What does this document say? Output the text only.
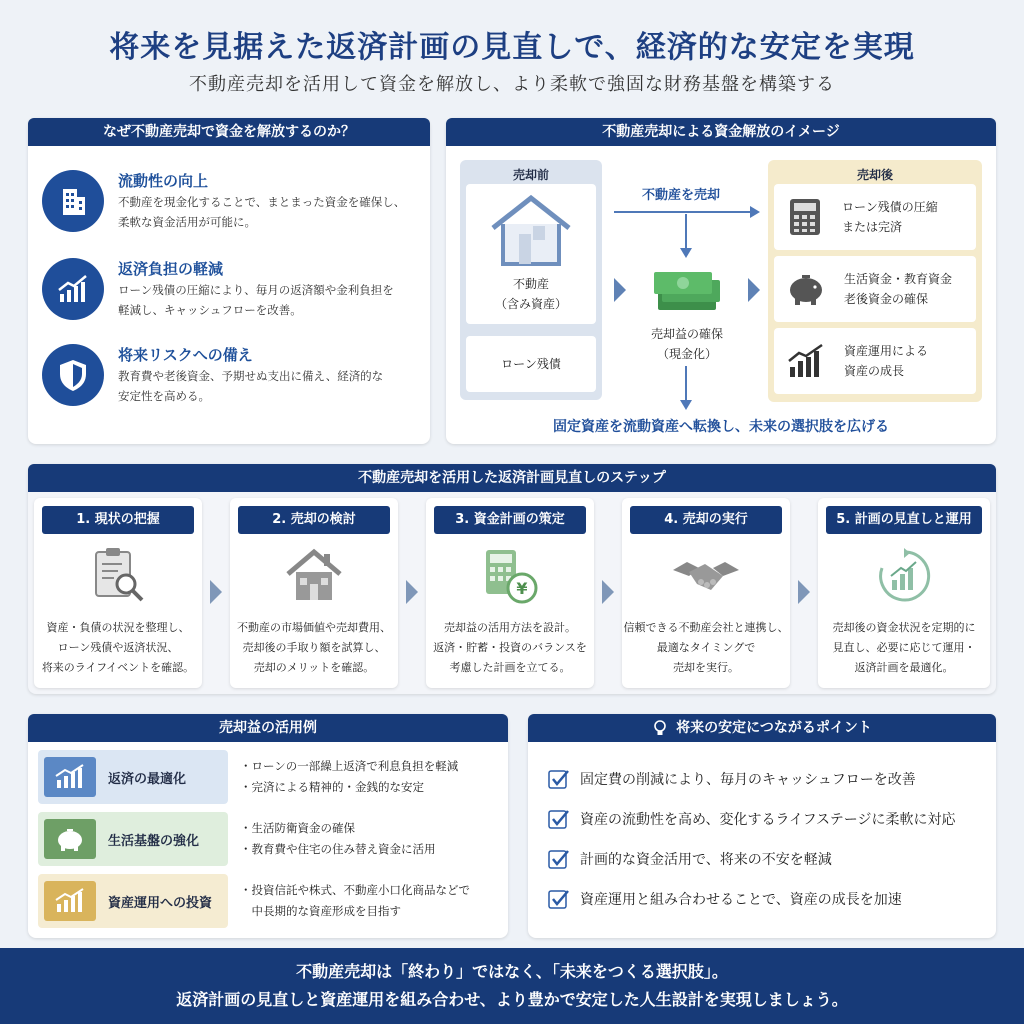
将来を見据えた返済計画の見直しで、経済的な安定を実現
不動産売却を活用して資金を解放し、より柔軟で強固な財務基盤を構築する
なぜ不動産売却で資金を解放するのか？
流動性の向上
不動産を現金化することで、まとまった資金を確保し、
柔軟な資金活用が可能に。
返済負担の軽減
ローン残債の圧縮により、毎月の返済額や金利負担を
軽減し、キャッシュフローを改善。
将来リスクへの備え
教育費や老後資金、予期せぬ支出に備え、経済的な
安定性を高める。
不動産売却による資金解放のイメージ
売却前
不動産
（含み資産）
ローン残債
不動産を売却
売却益の確保
（現金化）
売却後
ローン残債の圧縮
または完済
生活資金・教育資金
老後資金の確保
資産運用による
資産の成長
固定資産を流動資産へ転換し、未来の選択肢を広げる
不動産売却を活用した返済計画見直しのステップ
1. 現状の把握
資産・負債の状況を整理し、
ローン残債や返済状況、
将来のライフイベントを確認。
2. 売却の検討
不動産の市場価値や売却費用、
売却後の手取り額を試算し、
売却のメリットを確認。
3. 資金計画の策定
¥
売却益の活用方法を設計。
返済・貯蓄・投資のバランスを
考慮した計画を立てる。
4. 売却の実行
信頼できる不動産会社と連携し、
最適なタイミングで
売却を実行。
5. 計画の見直しと運用
売却後の資金状況を定期的に
見直し、必要に応じて運用・
返済計画を最適化。
売却益の活用例
返済の最適化
・ローンの一部繰上返済で利息負担を軽減
・完済による精神的・金銭的な安定
生活基盤の強化
・生活防衛資金の確保
・教育費や住宅の住み替え資金に活用
資産運用への投資
・投資信託や株式、不動産小口化商品などで
　中長期的な資産形成を目指す
将来の安定につながるポイント
固定費の削減により、毎月のキャッシュフローを改善
資産の流動性を高め、変化するライフステージに柔軟に対応
計画的な資金活用で、将来の不安を軽減
資産運用と組み合わせることで、資産の成長を加速
不動産売却は「終わり」ではなく、「未来をつくる選択肢」。
返済計画の見直しと資産運用を組み合わせ、より豊かで安定した人生設計を実現しましょう。
